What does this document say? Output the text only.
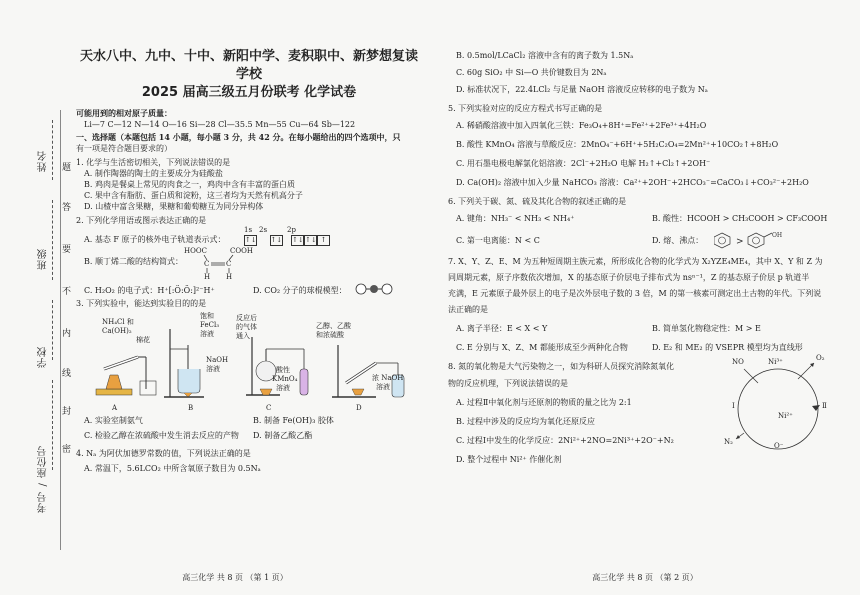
姓名
班级
学校
考号 / 座位号
题
答
要
不
内
线
封
密
天水八中、九中、十中、新阳中学、麦积职中、新梦想复读学校
2025 届高三级五月份联考 化学试卷

可能用到的相对原子质量：

Li—7 C—12 N—14 O—16 Si—28 Cl—35.5 Mn—55 Cu—64 Sb—122

一、选择题（本题包括 14 小题，每小题 3 分，共 42 分。在每小题给出的四个选项中，只

有一项是符合题目要求的）

1. 化学与生活密切相关，下列说法错误的是

A. 制作陶器的陶土的主要成分为硅酸盐

B. 鸡肉是餐桌上常见的肉食之一，鸡肉中含有丰富的蛋白质

C. 果中含有脂肪、蛋白质和淀粉，这三者均为天然有机高分子

D. 山楂中富含果糖，果糖和葡萄糖互为同分异构体

2. 下列化学用语或图示表达正确的是

A. 基态 F 原子的核外电子轨道表示式：
1s 2s	2p
↑↓ ↑↓ ↑↓↑↓ ↑
B. 顺丁烯二酸的结构简式：
HOOC	COOH
C C
H H
C. H₂O₂ 的电子式：H⁺[:Ö:Ö:]²⁻H⁺	D. CO₂ 分子的球棍模型：

3. 下列实验中，能达到实验目的的是

NH₄Cl 和
Ca(OH)₂
棉花
饱和
FeCl₃
溶液
NaOH
溶液
反应后
的气体
通入
酸性
KMnO₄
溶液
乙醇、乙酸
和浓硫酸
浓 NaOH
溶液
A	B	C	D
A. 实验室制氨气	B. 制备 Fe(OH)₃ 胶体
C. 检验乙醇在浓硫酸中发生消去反应的产物	D. 制备乙酸乙酯

4. Nₐ 为阿伏加德罗常数的值，下列说法正确的是

A. 常温下，5.6LCO₂ 中所含氧原子数目为 0.5Nₐ

高三化学 共 8 页 （第 1 页）

B. 0.5mol/LCaCl₂ 溶液中含有的离子数为 1.5Nₐ

C. 60g SiO₂ 中 Si—O 共价键数目为 2Nₐ

D. 标准状况下，22.4LCl₂ 与足量 NaOH 溶液反应转移的电子数为 Nₐ

5. 下列实验对应的反应方程式书写正确的是

A. 稀硝酸溶液中加入四氧化三铁：Fe₃O₄+8H⁺=Fe²⁺+2Fe³⁺+4H₂O

B. 酸性 KMnO₄ 溶液与草酸反应：2MnO₄⁻+6H⁺+5H₂C₂O₄=2Mn²⁺+10CO₂↑+8H₂O

C. 用石墨电极电解氯化铝溶液：2Cl⁻+2H₂O 电解 H₂↑+Cl₂↑+2OH⁻

D. Ca(OH)₂ 溶液中加入少量 NaHCO₃ 溶液：Ca²⁺+2OH⁻+2HCO₃⁻=CaCO₃↓+CO₃²⁻+2H₂O

6. 下列关于碳、氮、硫及其化合物的叙述正确的是

A. 键角：NH₃⁻ < NH₃ < NH₄⁺	B. 酸性：HCOOH > CH₃COOH > CF₃COOH
C. 第一电离能：N < C	D. 熔、沸点：	>
OH

7. X、Y、Z、E、M 为五种短周期主族元素，所形成化合物的化学式为 X₂YZE₄ME₄，其中 X、Y 和 Z 为

同周期元素，原子序数依次增加，X 的基态原子价层电子排布式为 nsⁿ⁻¹，Z 的基态原子价层 p 轨道半

充满，E 元素原子最外层上的电子是次外层电子数的 3 倍，M 的第一核素可测定出土古物的年代。下列说

法正确的是

A. 离子半径：E < X < Y	B. 简单氢化物稳定性：M > E
C. E 分别与 X、Z、M 都能形成至少两种化合物	D. E₂ 和 ME₂ 的 VSEPR 模型均为直线形

8. 氮的氧化物是大气污染物之一，如为科研人员探究消除氮氧化

物的反应机理，下列说法错误的是

A. 过程Ⅱ中氧化剂与还原剂的物质的量之比为 2:1

B. 过程中涉及的反应均为氧化还原反应

C. 过程Ⅰ中发生的化学反应：2Ni²⁺+2NO=2Ni³⁺+2O⁻+N₂

D. 整个过程中 Ni²⁺ 作催化剂

NO	Ni³⁺	O₂
Ⅰ	Ⅱ
Ni²⁺
N₂	O⁻
高三化学 共 8 页 （第 2 页）
